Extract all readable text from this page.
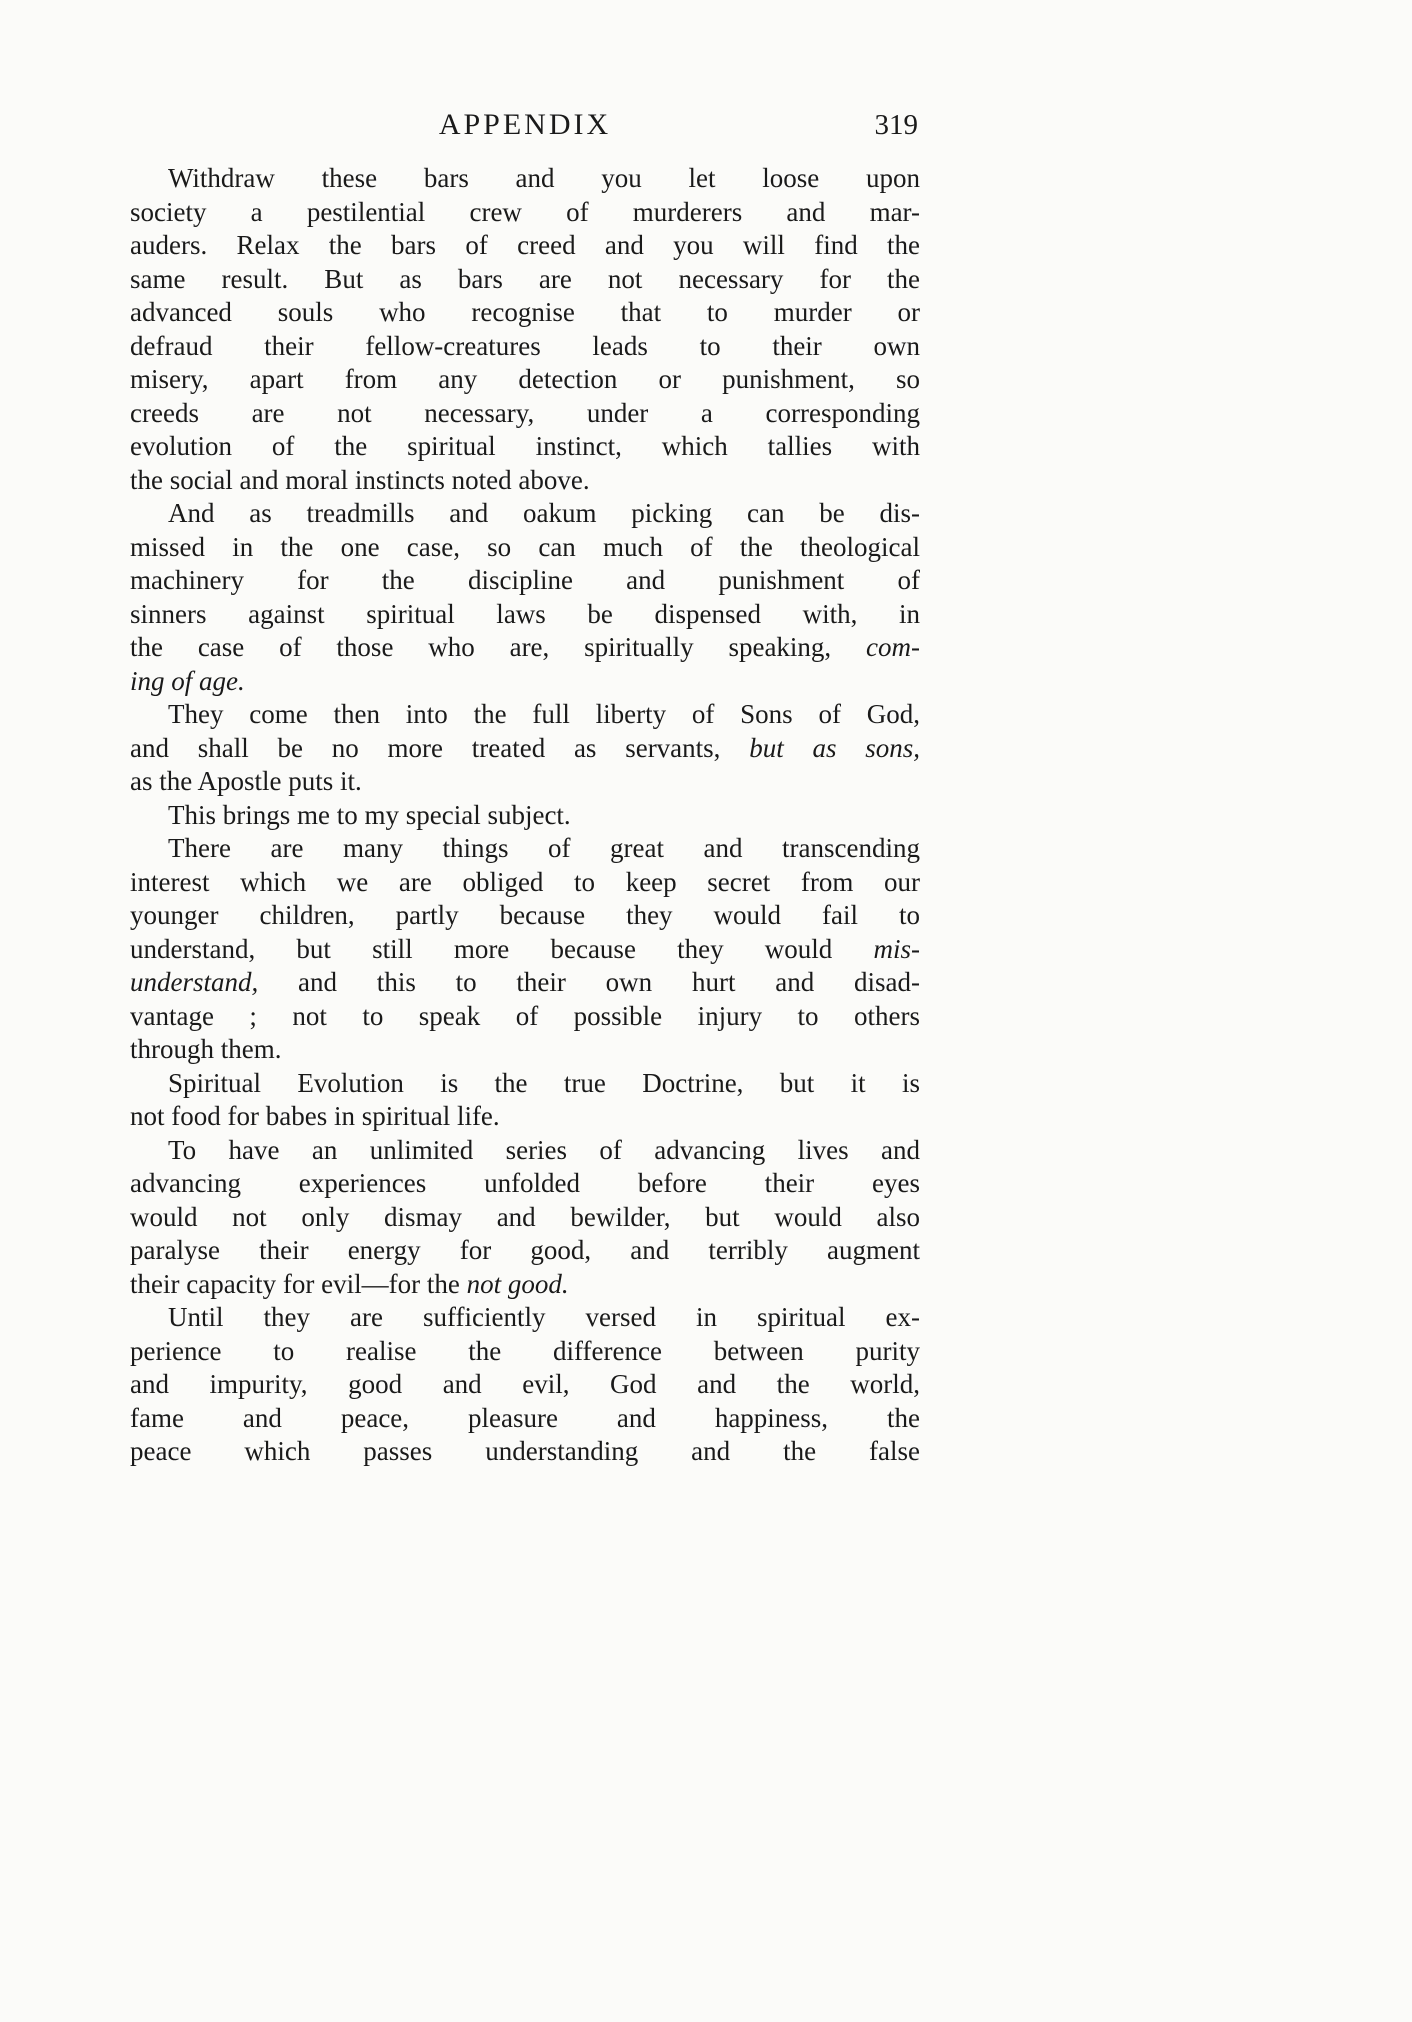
APPENDIX	319
Withdraw these bars and you let loose upon
society a pestilential crew of murderers and mar-
auders. Relax the bars of creed and you will find the
same result. But as bars are not necessary for the
advanced souls who recognise that to murder or
defraud their fellow-creatures leads to their own
misery, apart from any detection or punishment, so
creeds are not necessary, under a corresponding
evolution of the spiritual instinct, which tallies with
the social and moral instincts noted above.
And as treadmills and oakum picking can be dis-
missed in the one case, so can much of the theological
machinery for the discipline and punishment of
sinners against spiritual laws be dispensed with, in
the case of those who are, spiritually speaking, com-
ing of age.
They come then into the full liberty of Sons of God,
and shall be no more treated as servants, but as sons,
as the Apostle puts it.
This brings me to my special subject.
There are many things of great and transcending
interest which we are obliged to keep secret from our
younger children, partly because they would fail to
understand, but still more because they would mis-
understand, and this to their own hurt and disad-
vantage ; not to speak of possible injury to others
through them.
Spiritual Evolution is the true Doctrine, but it is
not food for babes in spiritual life.
To have an unlimited series of advancing lives and
advancing experiences unfolded before their eyes
would not only dismay and bewilder, but would also
paralyse their energy for good, and terribly augment
their capacity for evil—for the not good.
Until they are sufficiently versed in spiritual ex-
perience to realise the difference between purity
and impurity, good and evil, God and the world,
fame and peace, pleasure and happiness, the
peace which passes understanding and the false
